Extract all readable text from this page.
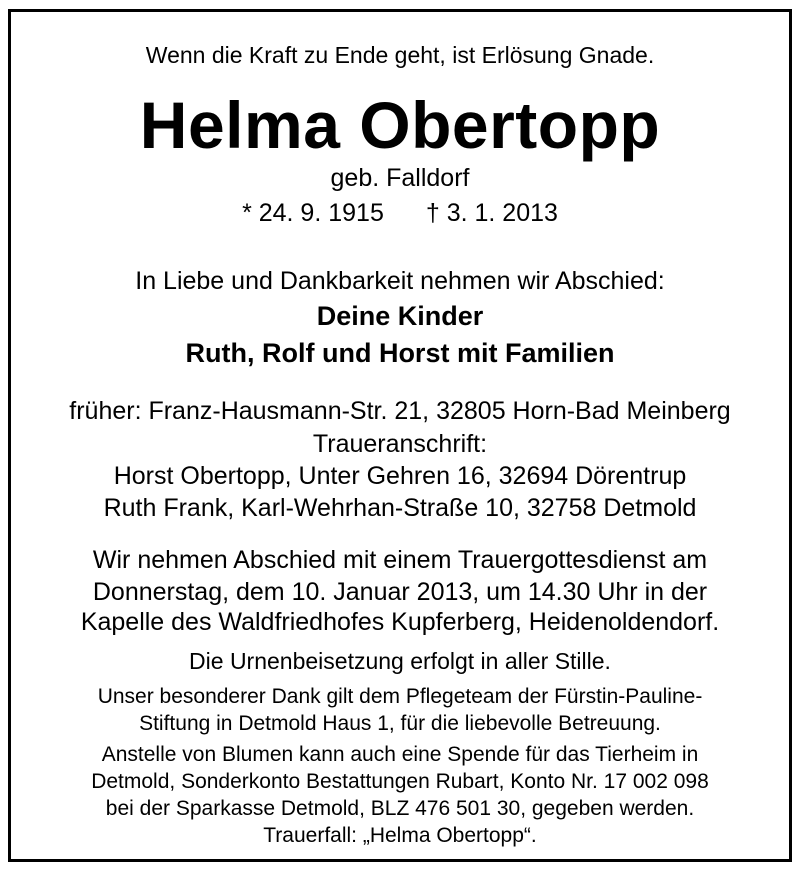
Wenn die Kraft zu Ende geht, ist Erlösung Gnade.
Helma Obertopp
geb. Falldorf
* 24. 9. 1915 † 3. 1. 2013
In Liebe und Dankbarkeit nehmen wir Abschied:
Deine Kinder
Ruth, Rolf und Horst mit Familien
früher: Franz-Hausmann-Str. 21, 32805 Horn-Bad Meinberg
Traueranschrift:
Horst Obertopp, Unter Gehren 16, 32694 Dörentrup
Ruth Frank, Karl-Wehrhan-Straße 10, 32758 Detmold
Wir nehmen Abschied mit einem Trauergottesdienst am
Donnerstag, dem 10. Januar 2013, um 14.30 Uhr in der
Kapelle des Waldfriedhofes Kupferberg, Heidenoldendorf.
Die Urnenbeisetzung erfolgt in aller Stille.
Unser besonderer Dank gilt dem Pflegeteam der Fürstin-Pauline-
Stiftung in Detmold Haus 1, für die liebevolle Betreuung.
Anstelle von Blumen kann auch eine Spende für das Tierheim in
Detmold, Sonderkonto Bestattungen Rubart, Konto Nr. 17 002 098
bei der Sparkasse Detmold, BLZ 476 501 30, gegeben werden.
Trauerfall: „Helma Obertopp“.
